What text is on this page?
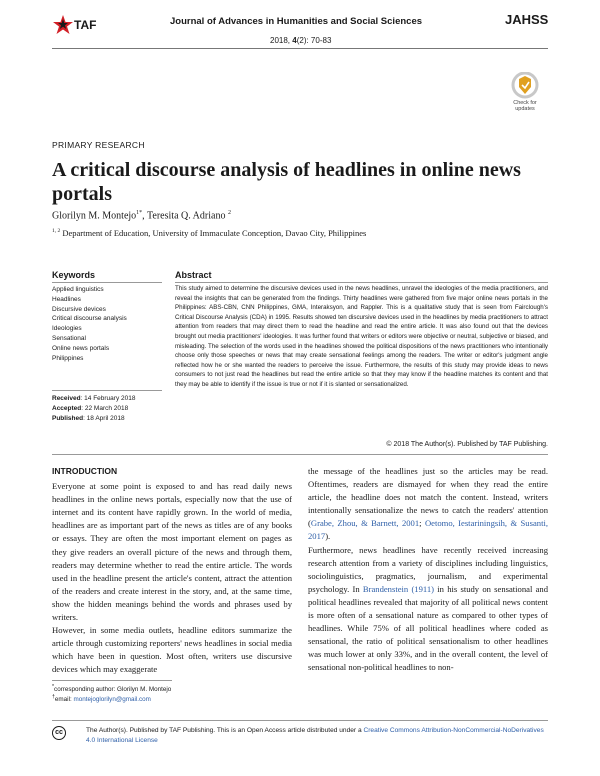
TAF	Journal of Advances in Humanities and Social Sciences
2018, 4(2): 70-83
JAHSS
Check for
updates
PRIMARY RESEARCH
A critical discourse analysis of headlines in online news portals
Glorilyn M. Montejo$^{1*}$, Teresita Q. Adriano $^2$
$^{1, 2}$ Department of Education, University of Immaculate Conception, Davao City, Philippines
Keywords
Applied linguistics
Headlines
Discursive devices
Critical discourse analysis
Ideologies
Sensational
Online news portals
Philippines
Received: 14 February 2018
Accepted: 22 March 2018
Published: 18 April 2018
Abstract
This study aimed to determine the discursive devices used in the news headlines, unravel the ideologies of the media practitioners, and reveal the insights that can be generated from the findings. Thirty headlines were gathered from five major online news portals in the Philippines: ABS-CBN, CNN Philippines, GMA, Interaksyon, and Rappler. This is a qualitative study that is seen from Fairclough's Critical Discourse Analysis (CDA) in 1995. Results showed ten discursive devices used in the headlines by media practitioners to attract attention from readers that may direct them to read the headline and read the entire article. It was also found out that the devices brought out media practitioners' ideologies. It was further found that writers or editors were objective or neutral, subjective or biased, and misleading. The selection of the words used in the headlines showed the political dispositions of the news practitioners who intentionally choose only those speeches or news that may create sensational feelings among the readers. The writer or editor's judgment angle reflected how he or she wanted the readers to perceive the issue. Furthermore, the results of this study may provide ideas to news consumers to not just read the headlines but read the entire article so that they may know if the headline matches its content and that they may be able to identify if the issue is true or not if it is slanted or sensationalized.
© 2018 The Author(s). Published by TAF Publishing.
INTRODUCTION
Everyone at some point is exposed to and has read daily news headlines in the online news portals, especially now that the use of internet and its content have rapidly grown. In the world of media, headlines are as important part of the news as titles are of any books or essays. They are often the most important element on pages as they give readers an overall picture of the news and through them, readers may determine whether to read the entire article. The words used in the headline present the article's content, attract the attention of the readers and create interest in the story, and, at the same time, show the hidden meanings behind the words and phrases used by writers.
However, in some media outlets, headline editors summarize the article through customizing reporters' news headlines in social media which have been in question. Most often, writers use discursive devices which may exaggerate
the message of the headlines just so the articles may be read. Oftentimes, readers are dismayed for when they read the entire article, the headline does not match the content. Instead, writers intentionally sensationalize the news to catch the readers' attention (Grabe, Zhou, & Barnett, 2001; Oetomo, Iestariningsih, & Susanti, 2017).
Furthermore, news headlines have recently received increasing research attention from a variety of disciplines including linguistics, sociolinguistics, pragmatics, journalism, and experimental psychology. In Brandenstein (1911) in his study on sensational and political headlines revealed that majority of all political news content is more often of a sensational nature as compared to other types of headlines. While 75% of all political headlines where coded as sensational, the ratio of political sensationalism to other headlines was much lower at only 33%, and in the overall content, the level of sensational non-political headlines to non-
*corresponding author: Glorilyn M. Montejo
†email: montejoglorilyn@gmail.com
cc	The Author(s). Published by TAF Publishing. This is an Open Access article distributed under a Creative Commons Attribution-NonCommercial-NoDerivatives 4.0 International License
